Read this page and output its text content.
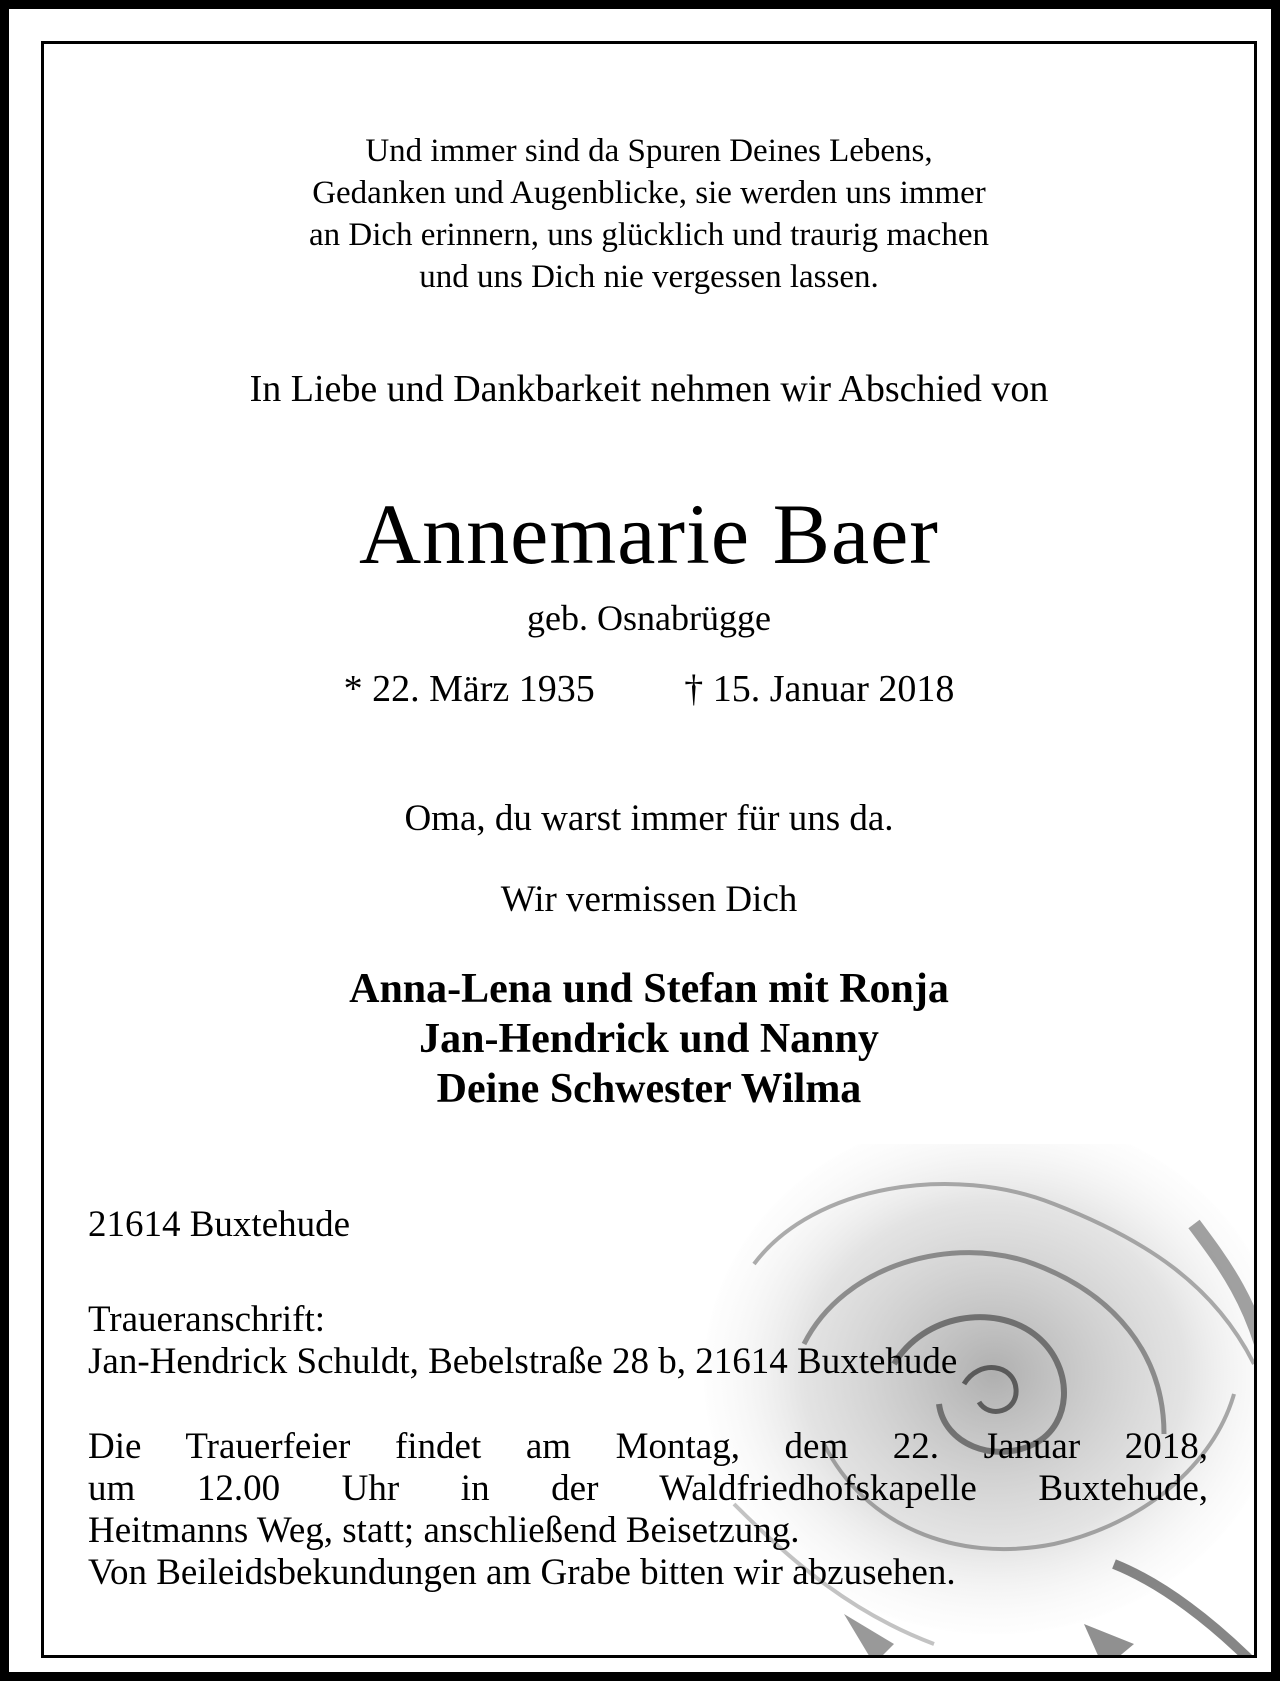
Und immer sind da Spuren Deines Lebens,
Gedanken und Augenblicke, sie werden uns immer
an Dich erinnern, uns glücklich und traurig machen
und uns Dich nie vergessen lassen.
In Liebe und Dankbarkeit nehmen wir Abschied von
Annemarie Baer
geb. Osnabrügge
* 22. März 1935 † 15. Januar 2018
Oma, du warst immer für uns da.
Wir vermissen Dich
Anna-Lena und Stefan mit Ronja
Jan-Hendrick und Nanny
Deine Schwester Wilma
21614 Buxtehude
Traueranschrift:
Jan-Hendrick Schuldt, Bebelstraße 28 b, 21614 Buxtehude
Die Trauerfeier findet am Montag, dem 22. Januar 2018,
um 12.00 Uhr in der Waldfriedhofskapelle Buxtehude,
Heitmanns Weg, statt; anschließend Beisetzung.
Von Beileidsbekundungen am Grabe bitten wir abzusehen.
